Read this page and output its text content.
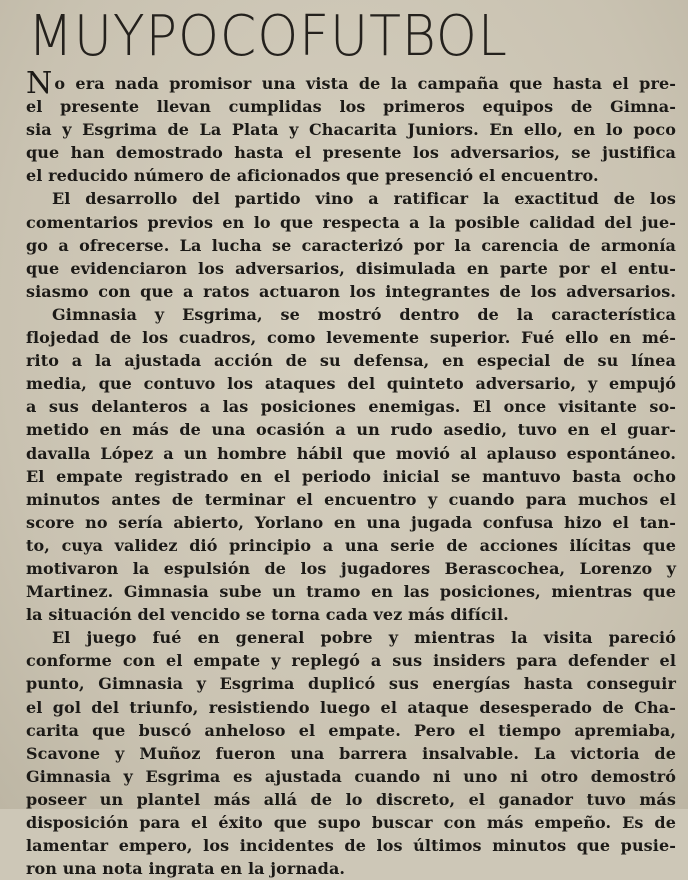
MUYPOCOFUTBOL

No era nada promisor una vista de la campaña que hasta el pre-
el presente llevan cumplidas los primeros equipos de Gimna-
sia y Esgrima de La Plata y Chacarita Juniors. En ello, en lo poco
que han demostrado hasta el presente los adversarios, se justifica
el reducido número de aficionados que presenció el encuentro.

El desarrollo del partido vino a ratificar la exactitud de los
comentarios previos en lo que respecta a la posible calidad del jue-
go a ofrecerse. La lucha se caracterizó por la carencia de armonía
que evidenciaron los adversarios, disimulada en parte por el entu-
siasmo con que a ratos actuaron los integrantes de los adversarios.
Gimnasia y Esgrima, se mostró dentro de la característica
flojedad de los cuadros, como levemente superior. Fué ello en mé-
rito a la ajustada acción de su defensa, en especial de su línea
media, que contuvo los ataques del quinteto adversario, y empujó
a sus delanteros a las posiciones enemigas. El once visitante so-
metido en más de una ocasión a un rudo asedio, tuvo en el guar-
davalla López a un hombre hábil que movió al aplauso espontáneo.
El empate registrado en el periodo inicial se mantuvo basta ocho
minutos antes de terminar el encuentro y cuando para muchos el
score no sería abierto, Yorlano en una jugada confusa hizo el tan-
to, cuya validez dió principio a una serie de acciones ilícitas que
motivaron la espulsión de los jugadores Berascochea, Lorenzo y
Martinez. Gimnasia sube un tramo en las posiciones, mientras que
la situación del vencido se torna cada vez más difícil.

El juego fué en general pobre y mientras la visita pareció
conforme con el empate y replegó a sus insiders para defender el
punto, Gimnasia y Esgrima duplicó sus energías hasta conseguir
el gol del triunfo, resistiendo luego el ataque desesperado de Cha-
carita que buscó anheloso el empate. Pero el tiempo apremiaba,
Scavone y Muñoz fueron una barrera insalvable. La victoria de
Gimnasia y Esgrima es ajustada cuando ni uno ni otro demostró
poseer un plantel más allá de lo discreto, el ganador tuvo más
disposición para el éxito que supo buscar con más empeño. Es de
lamentar empero, los incidentes de los últimos minutos que pusie-
ron una nota ingrata en la jornada.
